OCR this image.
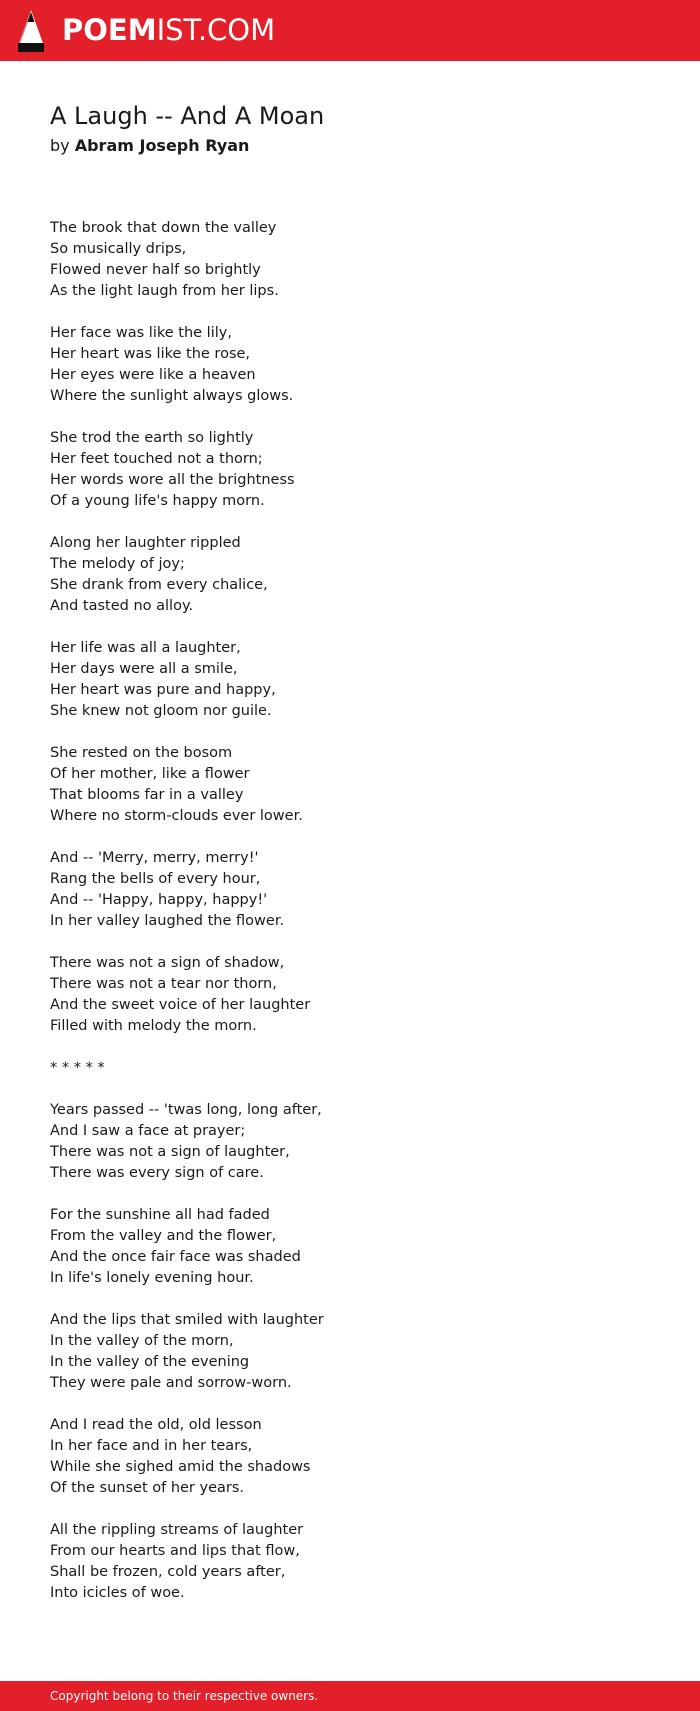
POEMIST.COM
A Laugh -- And A Moan
by Abram Joseph Ryan
The brook that down the valley
So musically drips,
Flowed never half so brightly
As the light laugh from her lips.
Her face was like the lily,
Her heart was like the rose,
Her eyes were like a heaven
Where the sunlight always glows.
She trod the earth so lightly
Her feet touched not a thorn;
Her words wore all the brightness
Of a young life's happy morn.
Along her laughter rippled
The melody of joy;
She drank from every chalice,
And tasted no alloy.
Her life was all a laughter,
Her days were all a smile,
Her heart was pure and happy,
She knew not gloom nor guile.
She rested on the bosom
Of her mother, like a flower
That blooms far in a valley
Where no storm-clouds ever lower.
And -- 'Merry, merry, merry!'
Rang the bells of every hour,
And -- 'Happy, happy, happy!'
In her valley laughed the flower.
There was not a sign of shadow,
There was not a tear nor thorn,
And the sweet voice of her laughter
Filled with melody the morn.
* * * * *
Years passed -- 'twas long, long after,
And I saw a face at prayer;
There was not a sign of laughter,
There was every sign of care.
For the sunshine all had faded
From the valley and the flower,
And the once fair face was shaded
In life's lonely evening hour.
And the lips that smiled with laughter
In the valley of the morn,
In the valley of the evening
They were pale and sorrow-worn.
And I read the old, old lesson
In her face and in her tears,
While she sighed amid the shadows
Of the sunset of her years.
All the rippling streams of laughter
From our hearts and lips that flow,
Shall be frozen, cold years after,
Into icicles of woe.
Copyright belong to their respective owners.
